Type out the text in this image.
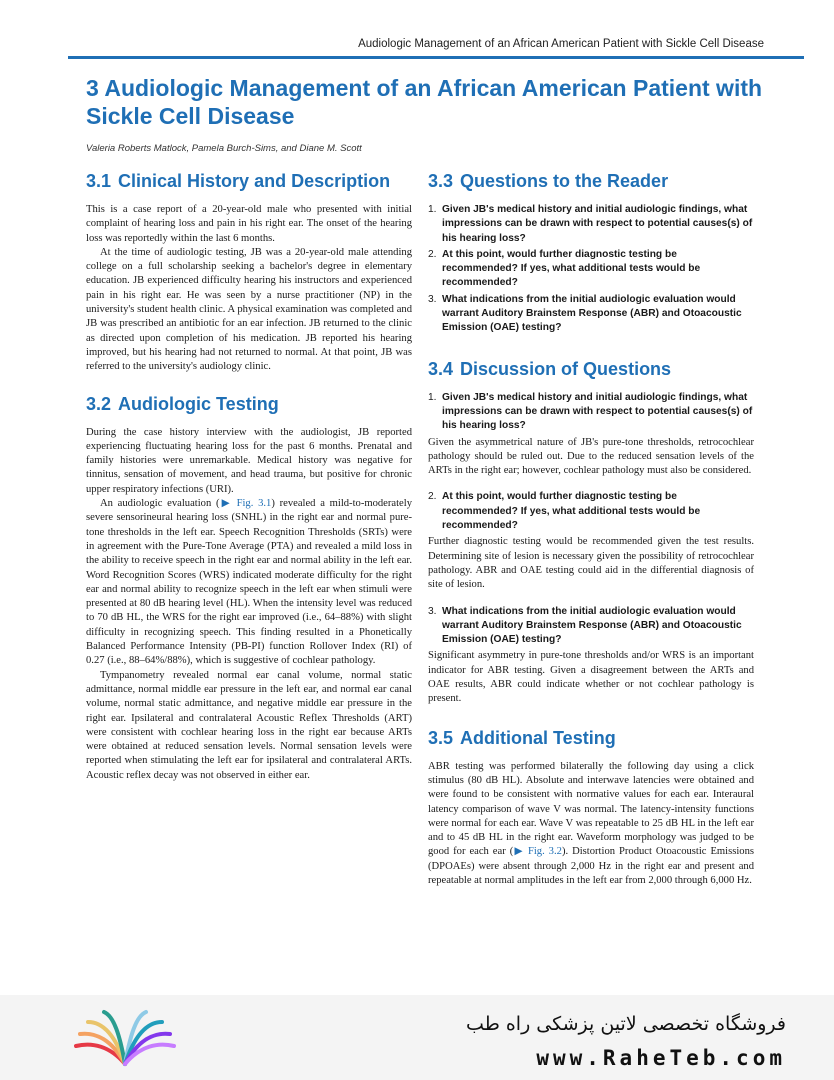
Audiologic Management of an African American Patient with Sickle Cell Disease
3 Audiologic Management of an African American Patient with Sickle Cell Disease
Valeria Roberts Matlock, Pamela Burch-Sims, and Diane M. Scott
3.1 Clinical History and Description

This is a case report of a 20-year-old male who presented with initial complaint of hearing loss and pain in his right ear. The onset of the hearing loss was reportedly within the last 6 months.

At the time of audiologic testing, JB was a 20-year-old male attending college on a full scholarship seeking a bachelor's degree in elementary education. JB experienced difficulty hearing his instructors and experienced pain in his right ear. He was seen by a nurse practitioner (NP) in the university's student health clinic. A physical examination was completed and JB was prescribed an antibiotic for an ear infection. JB returned to the clinic as directed upon completion of his medication. JB reported his hearing improved, but his hearing had not returned to normal. At that point, JB was referred to the university's audiology clinic.

3.2 Audiologic Testing

During the case history interview with the audiologist, JB reported experiencing fluctuating hearing loss for the past 6 months. Prenatal and family histories were unremarkable. Medical history was negative for tinnitus, sensation of movement, and head trauma, but positive for chronic upper respiratory infections (URI).

An audiologic evaluation (▶ Fig. 3.1) revealed a mild-to-moderately severe sensorineural hearing loss (SNHL) in the right ear and normal pure-tone thresholds in the left ear. Speech Recognition Thresholds (SRTs) were in agreement with the Pure-Tone Average (PTA) and revealed a mild loss in the ability to receive speech in the right ear and normal ability in the left ear. Word Recognition Scores (WRS) indicated moderate difficulty for the right ear and normal ability to recognize speech in the left ear when stimuli were presented at 80 dB hearing level (HL). When the intensity level was reduced to 70 dB HL, the WRS for the right ear improved (i.e., 64–88%) with slight difficulty in recognizing speech. This finding resulted in a Phonetically Balanced Performance Intensity (PB-PI) function Rollover Index (RI) of 0.27 (i.e., 88–64%/88%), which is suggestive of cochlear pathology.

Tympanometry revealed normal ear canal volume, normal static admittance, normal middle ear pressure in the left ear, and normal ear canal volume, normal static admittance, and negative middle ear pressure in the right ear. Ipsilateral and contralateral Acoustic Reflex Thresholds (ART) were consistent with cochlear hearing loss in the right ear because ARTs were obtained at reduced sensation levels. Normal sensation levels were reported when stimulating the left ear for ipsilateral and contralateral ARTs. Acoustic reflex decay was not observed in either ear.

3.3 Questions to the Reader
1. Given JB's medical history and initial audiologic findings, what impressions can be drawn with respect to potential causes(s) of his hearing loss?
2. At this point, would further diagnostic testing be recommended? If yes, what additional tests would be recommended?
3. What indications from the initial audiologic evaluation would warrant Auditory Brainstem Response (ABR) and Otoacoustic Emission (OAE) testing?
3.4 Discussion of Questions
1. Given JB's medical history and initial audiologic findings, what impressions can be drawn with respect to potential causes(s) of his hearing loss?

Given the asymmetrical nature of JB's pure-tone thresholds, retrocochlear pathology should be ruled out. Due to the reduced sensation levels of the ARTs in the right ear; however, cochlear pathology must also be considered.

2. At this point, would further diagnostic testing be recommended? If yes, what additional tests would be recommended?

Further diagnostic testing would be recommended given the test results. Determining site of lesion is necessary given the possibility of retrocochlear pathology. ABR and OAE testing could aid in the differential diagnosis of site of lesion.

3. What indications from the initial audiologic evaluation would warrant Auditory Brainstem Response (ABR) and Otoacoustic Emission (OAE) testing?

Significant asymmetry in pure-tone thresholds and/or WRS is an important indicator for ABR testing. Given a disagreement between the ARTs and OAE results, ABR could indicate whether or not cochlear pathology is present.

3.5 Additional Testing

ABR testing was performed bilaterally the following day using a click stimulus (80 dB HL). Absolute and interwave latencies were obtained and were found to be consistent with normative values for each ear. Interaural latency comparison of wave V was normal. The latency-intensity functions were normal for each ear. Wave V was repeatable to 25 dB HL in the left ear and to 45 dB HL in the right ear. Waveform morphology was judged to be good for each ear (▶ Fig. 3.2). Distortion Product Otoacoustic Emissions (DPOAEs) were absent through 2,000 Hz in the right ear and present and repeatable at normal amplitudes in the left ear from 2,000 through 6,000 Hz.

فروشگاه تخصصی لاتین پزشکی راه طب
www.RaheTeb.com
